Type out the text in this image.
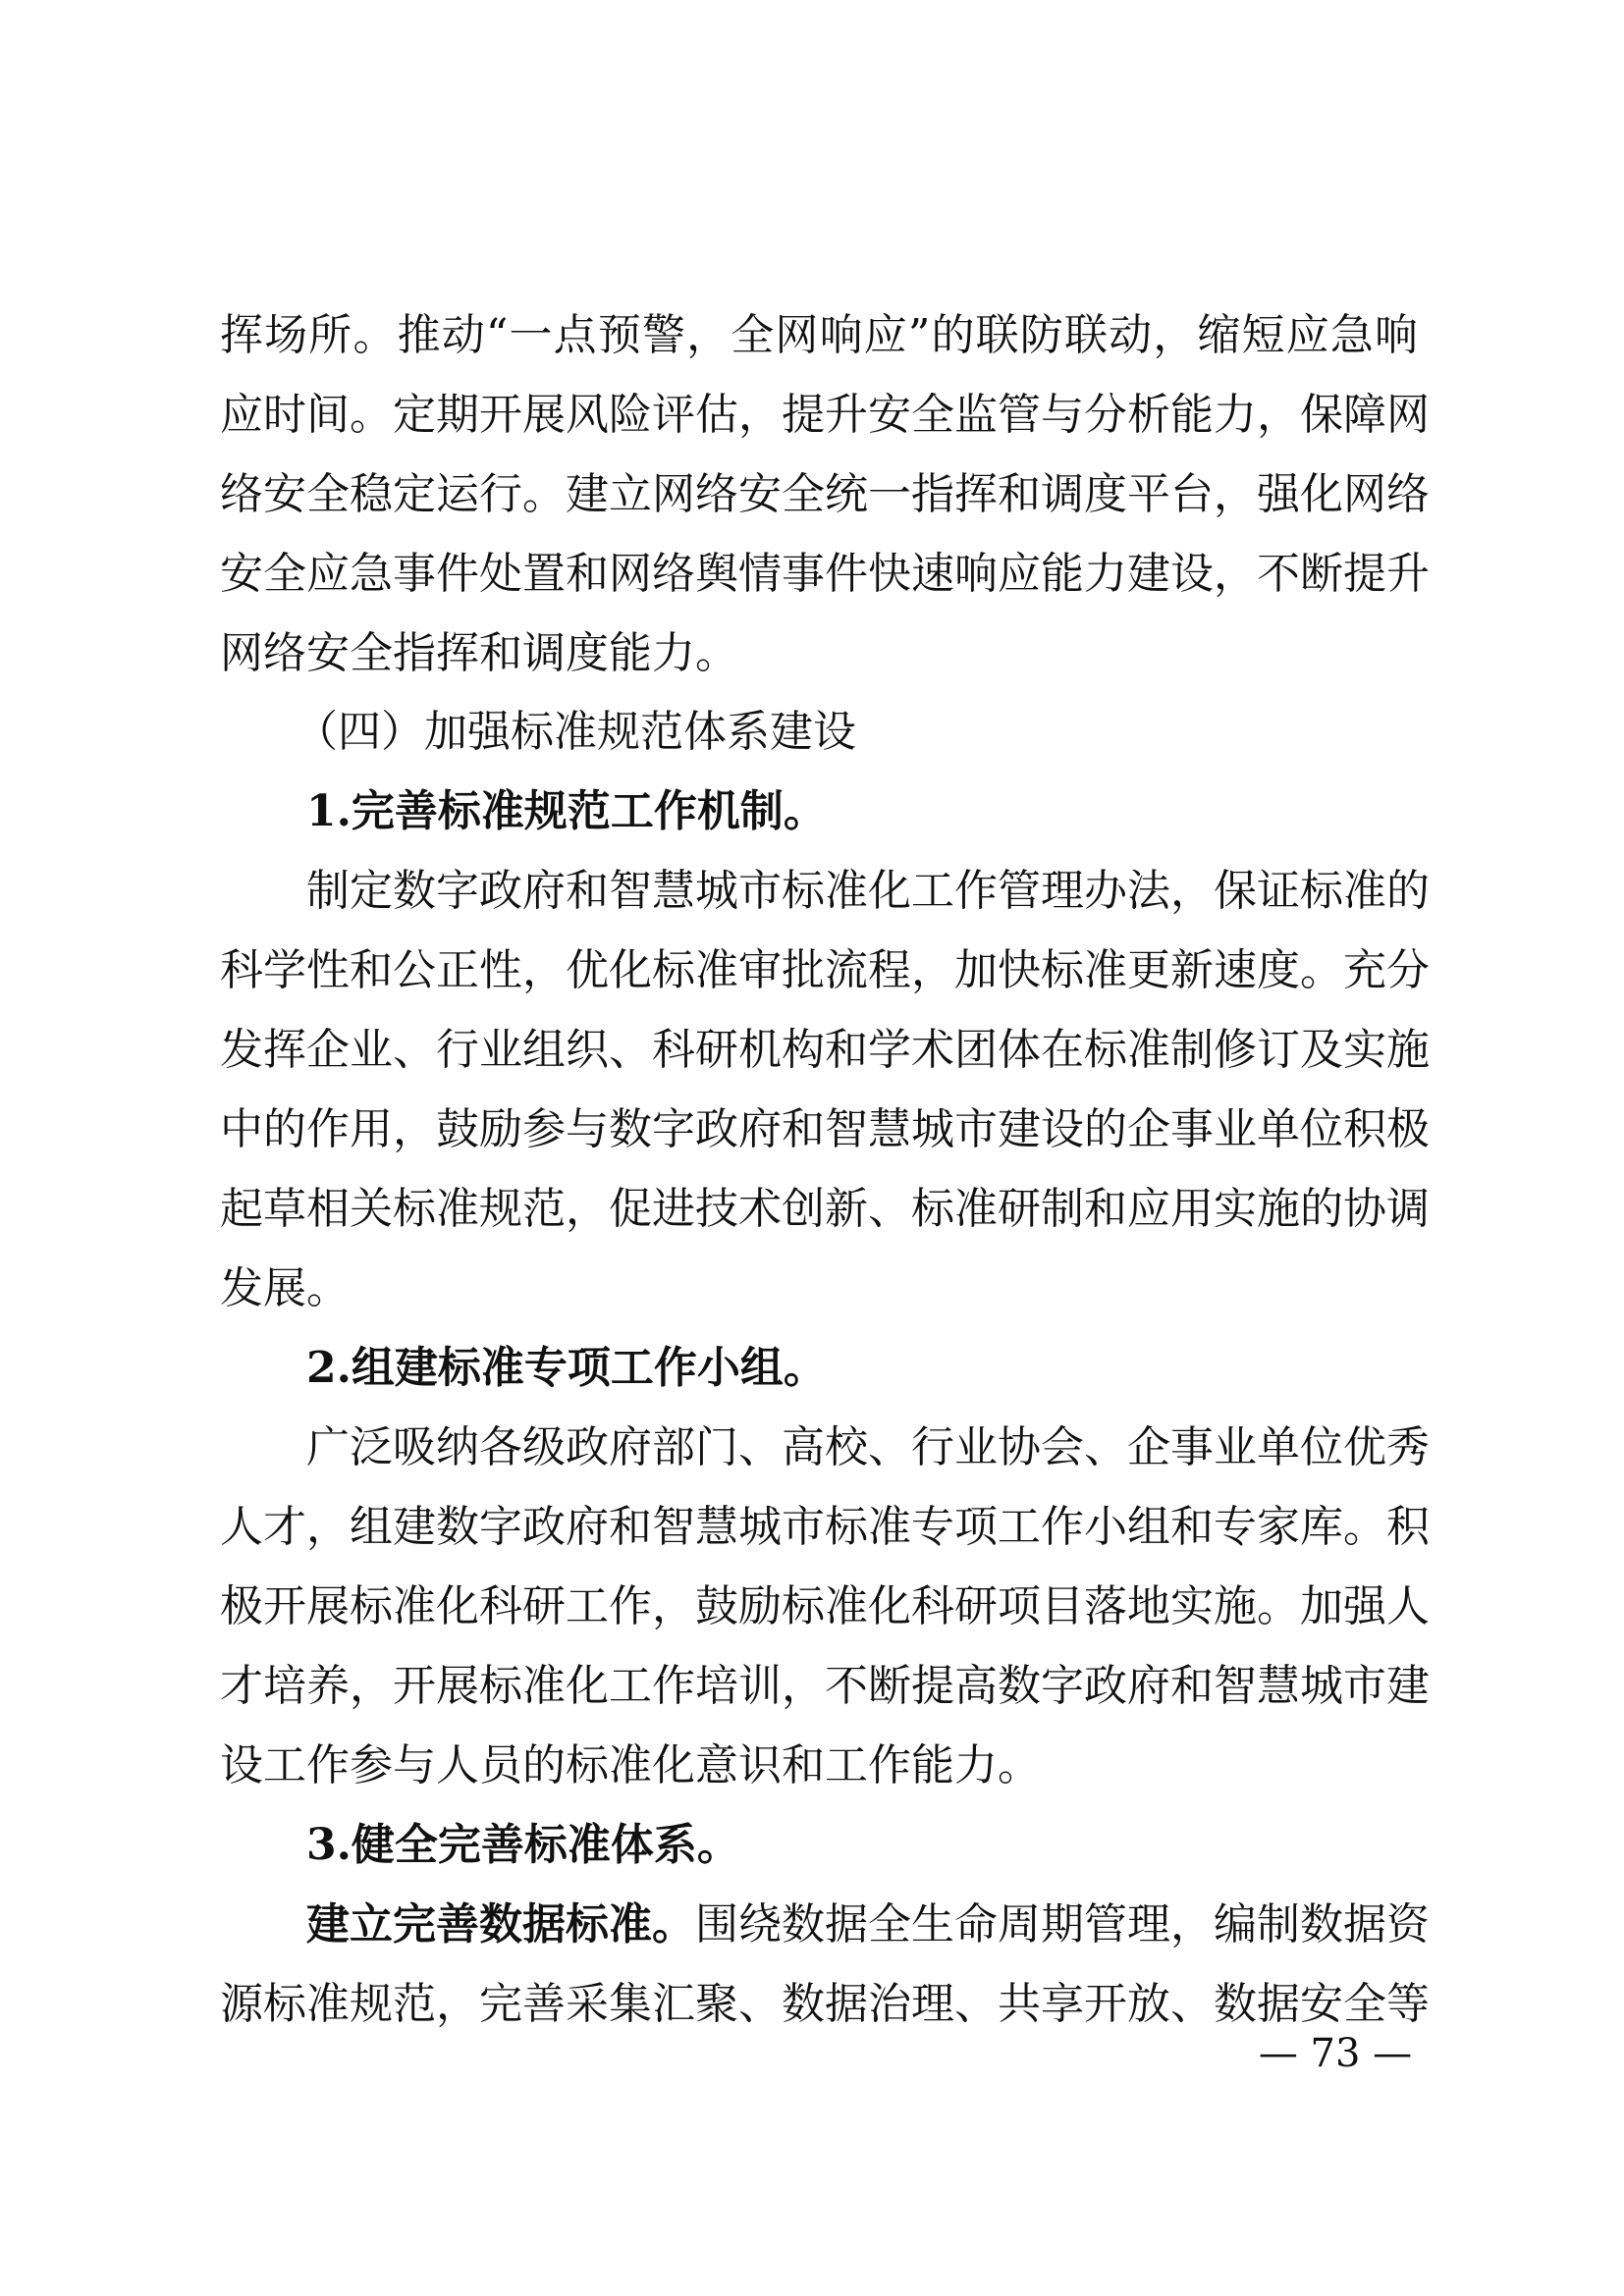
挥场所。推动“一点预警，全网响应”的联防联动，缩短应急响
应时间。定期开展风险评估，提升安全监管与分析能力，保障网
络安全稳定运行。建立网络安全统一指挥和调度平台，强化网络
安全应急事件处置和网络舆情事件快速响应能力建设，不断提升
网络安全指挥和调度能力。
（四）加强标准规范体系建设
1.完善标准规范工作机制。
制定数字政府和智慧城市标准化工作管理办法，保证标准的
科学性和公正性，优化标准审批流程，加快标准更新速度。充分
发挥企业、行业组织、科研机构和学术团体在标准制修订及实施
中的作用，鼓励参与数字政府和智慧城市建设的企事业单位积极
起草相关标准规范，促进技术创新、标准研制和应用实施的协调
发展。
2.组建标准专项工作小组。
广泛吸纳各级政府部门、高校、行业协会、企事业单位优秀
人才，组建数字政府和智慧城市标准专项工作小组和专家库。积
极开展标准化科研工作，鼓励标准化科研项目落地实施。加强人
才培养，开展标准化工作培训，不断提高数字政府和智慧城市建
设工作参与人员的标准化意识和工作能力。
3.健全完善标准体系。
建立完善数据标准。围绕数据全生命周期管理，编制数据资
源标准规范，完善采集汇聚、数据治理、共享开放、数据安全等
— 73 —
